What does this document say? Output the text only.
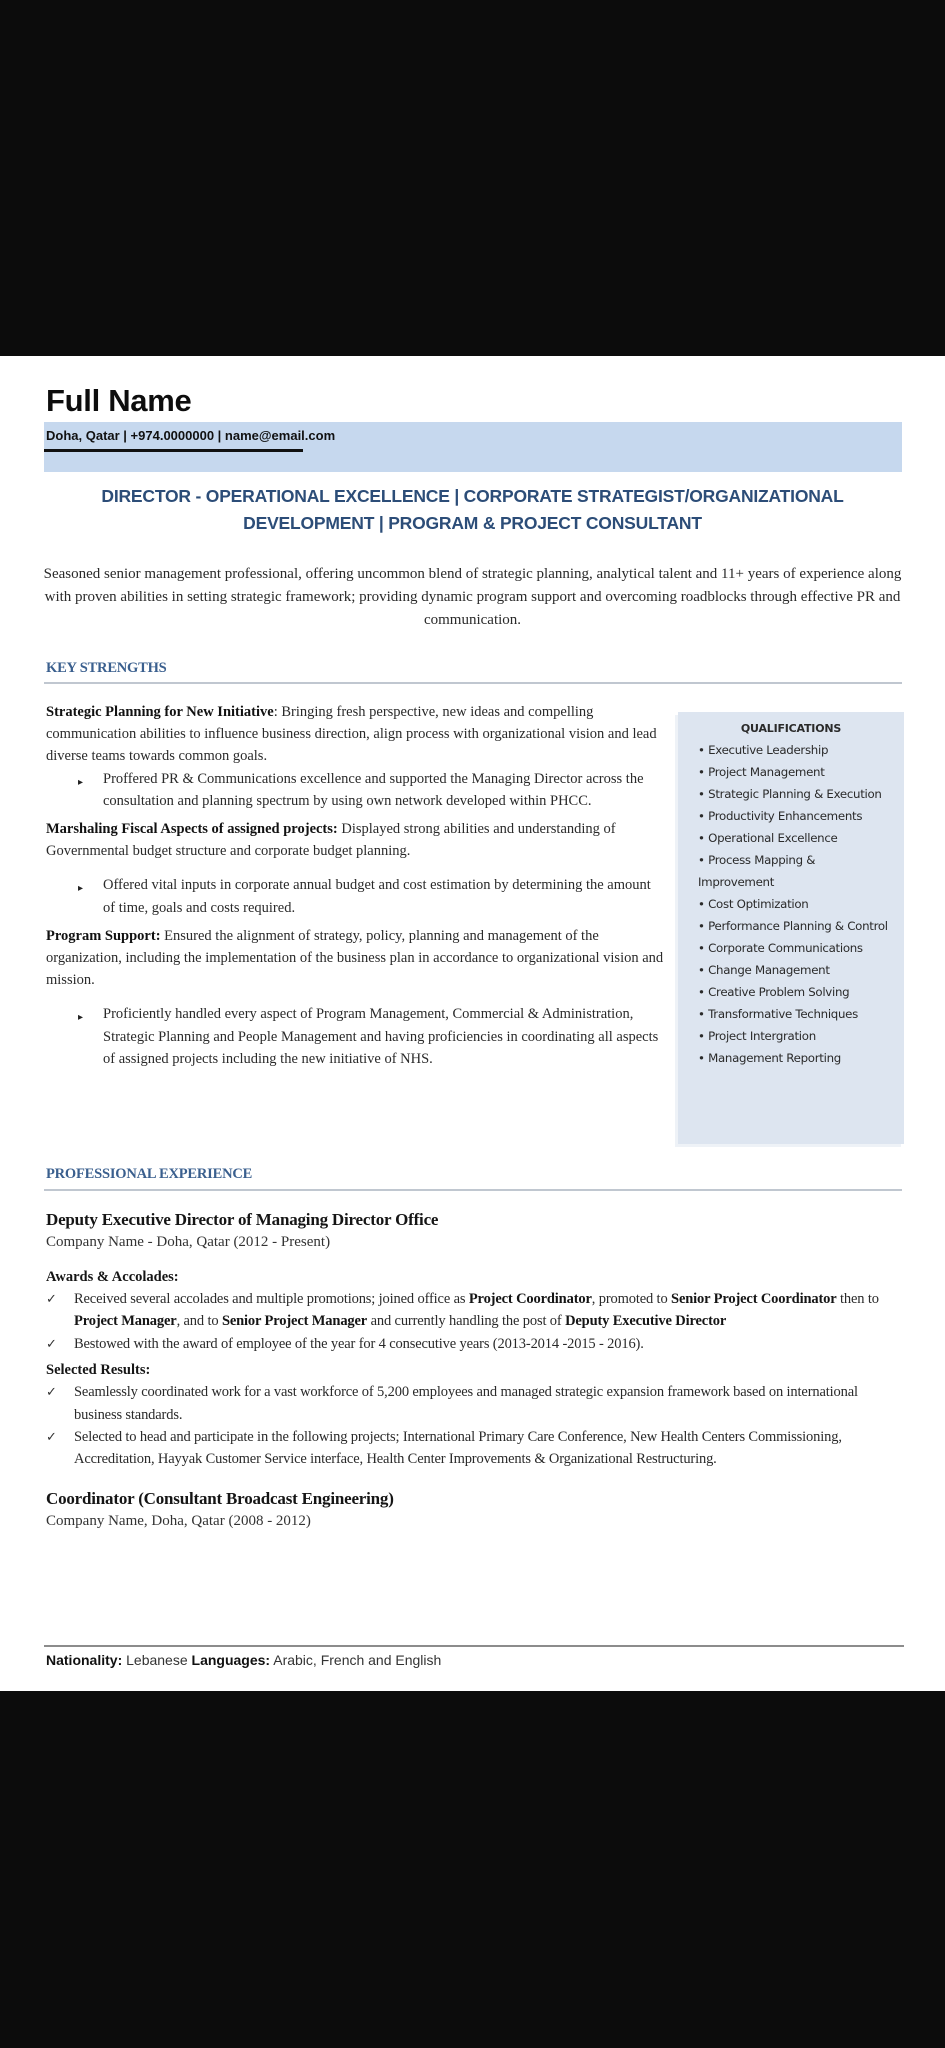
Full Name
Doha, Qatar | +974.0000000 | name@email.com
DIRECTOR - OPERATIONAL EXCELLENCE | CORPORATE STRATEGIST/ORGANIZATIONAL
DEVELOPMENT | PROGRAM & PROJECT CONSULTANT
Seasoned senior management professional, offering uncommon blend of strategic planning, analytical talent and 11+ years of experience along with proven abilities in setting strategic framework; providing dynamic program support and overcoming roadblocks through effective PR and communication.
KEY STRENGTHS

Strategic Planning for New Initiative: Bringing fresh perspective, new ideas and compelling communication abilities to influence business direction, align process with organizational vision and lead diverse teams towards common goals.

▸	Proffered PR & Communications excellence and supported the Managing Director across the consultation and planning spectrum by using own network developed within PHCC.

Marshaling Fiscal Aspects of assigned projects: Displayed strong abilities and understanding of Governmental budget structure and corporate budget planning.

▸	Offered vital inputs in corporate annual budget and cost estimation by determining the amount of time, goals and costs required.

Program Support: Ensured the alignment of strategy, policy, planning and management of the organization, including the implementation of the business plan in accordance to organizational vision and mission.

▸	Proficiently handled every aspect of Program Management, Commercial & Administration, Strategic Planning and People Management and having proficiencies in coordinating all aspects of assigned projects including the new initiative of NHS.
QUALIFICATIONS
• Executive Leadership
• Project Management
• Strategic Planning & Execution
• Productivity Enhancements
• Operational Excellence
• Process Mapping & Improvement
• Cost Optimization
• Performance Planning & Control
• Corporate Communications
• Change Management
• Creative Problem Solving
• Transformative Techniques
• Project Intergration
• Management Reporting
PROFESSIONAL EXPERIENCE
Deputy Executive Director of Managing Director Office
Company Name - Doha, Qatar (2012 - Present)
Awards & Accolades:
✓	Received several accolades and multiple promotions; joined office as Project Coordinator, promoted to Senior Project Coordinator then to Project Manager, and to Senior Project Manager and currently handling the post of Deputy Executive Director
✓	Bestowed with the award of employee of the year for 4 consecutive years (2013-2014 -2015 - 2016).
Selected Results:
✓	Seamlessly coordinated work for a vast workforce of 5,200 employees and managed strategic expansion framework based on international business standards.
✓	Selected to head and participate in the following projects; International Primary Care Conference, New Health Centers Commissioning, Accreditation, Hayyak Customer Service interface, Health Center Improvements & Organizational Restructuring.
Coordinator (Consultant Broadcast Engineering)
Company Name, Doha, Qatar (2008 - 2012)
Nationality: Lebanese Languages: Arabic, French and English
